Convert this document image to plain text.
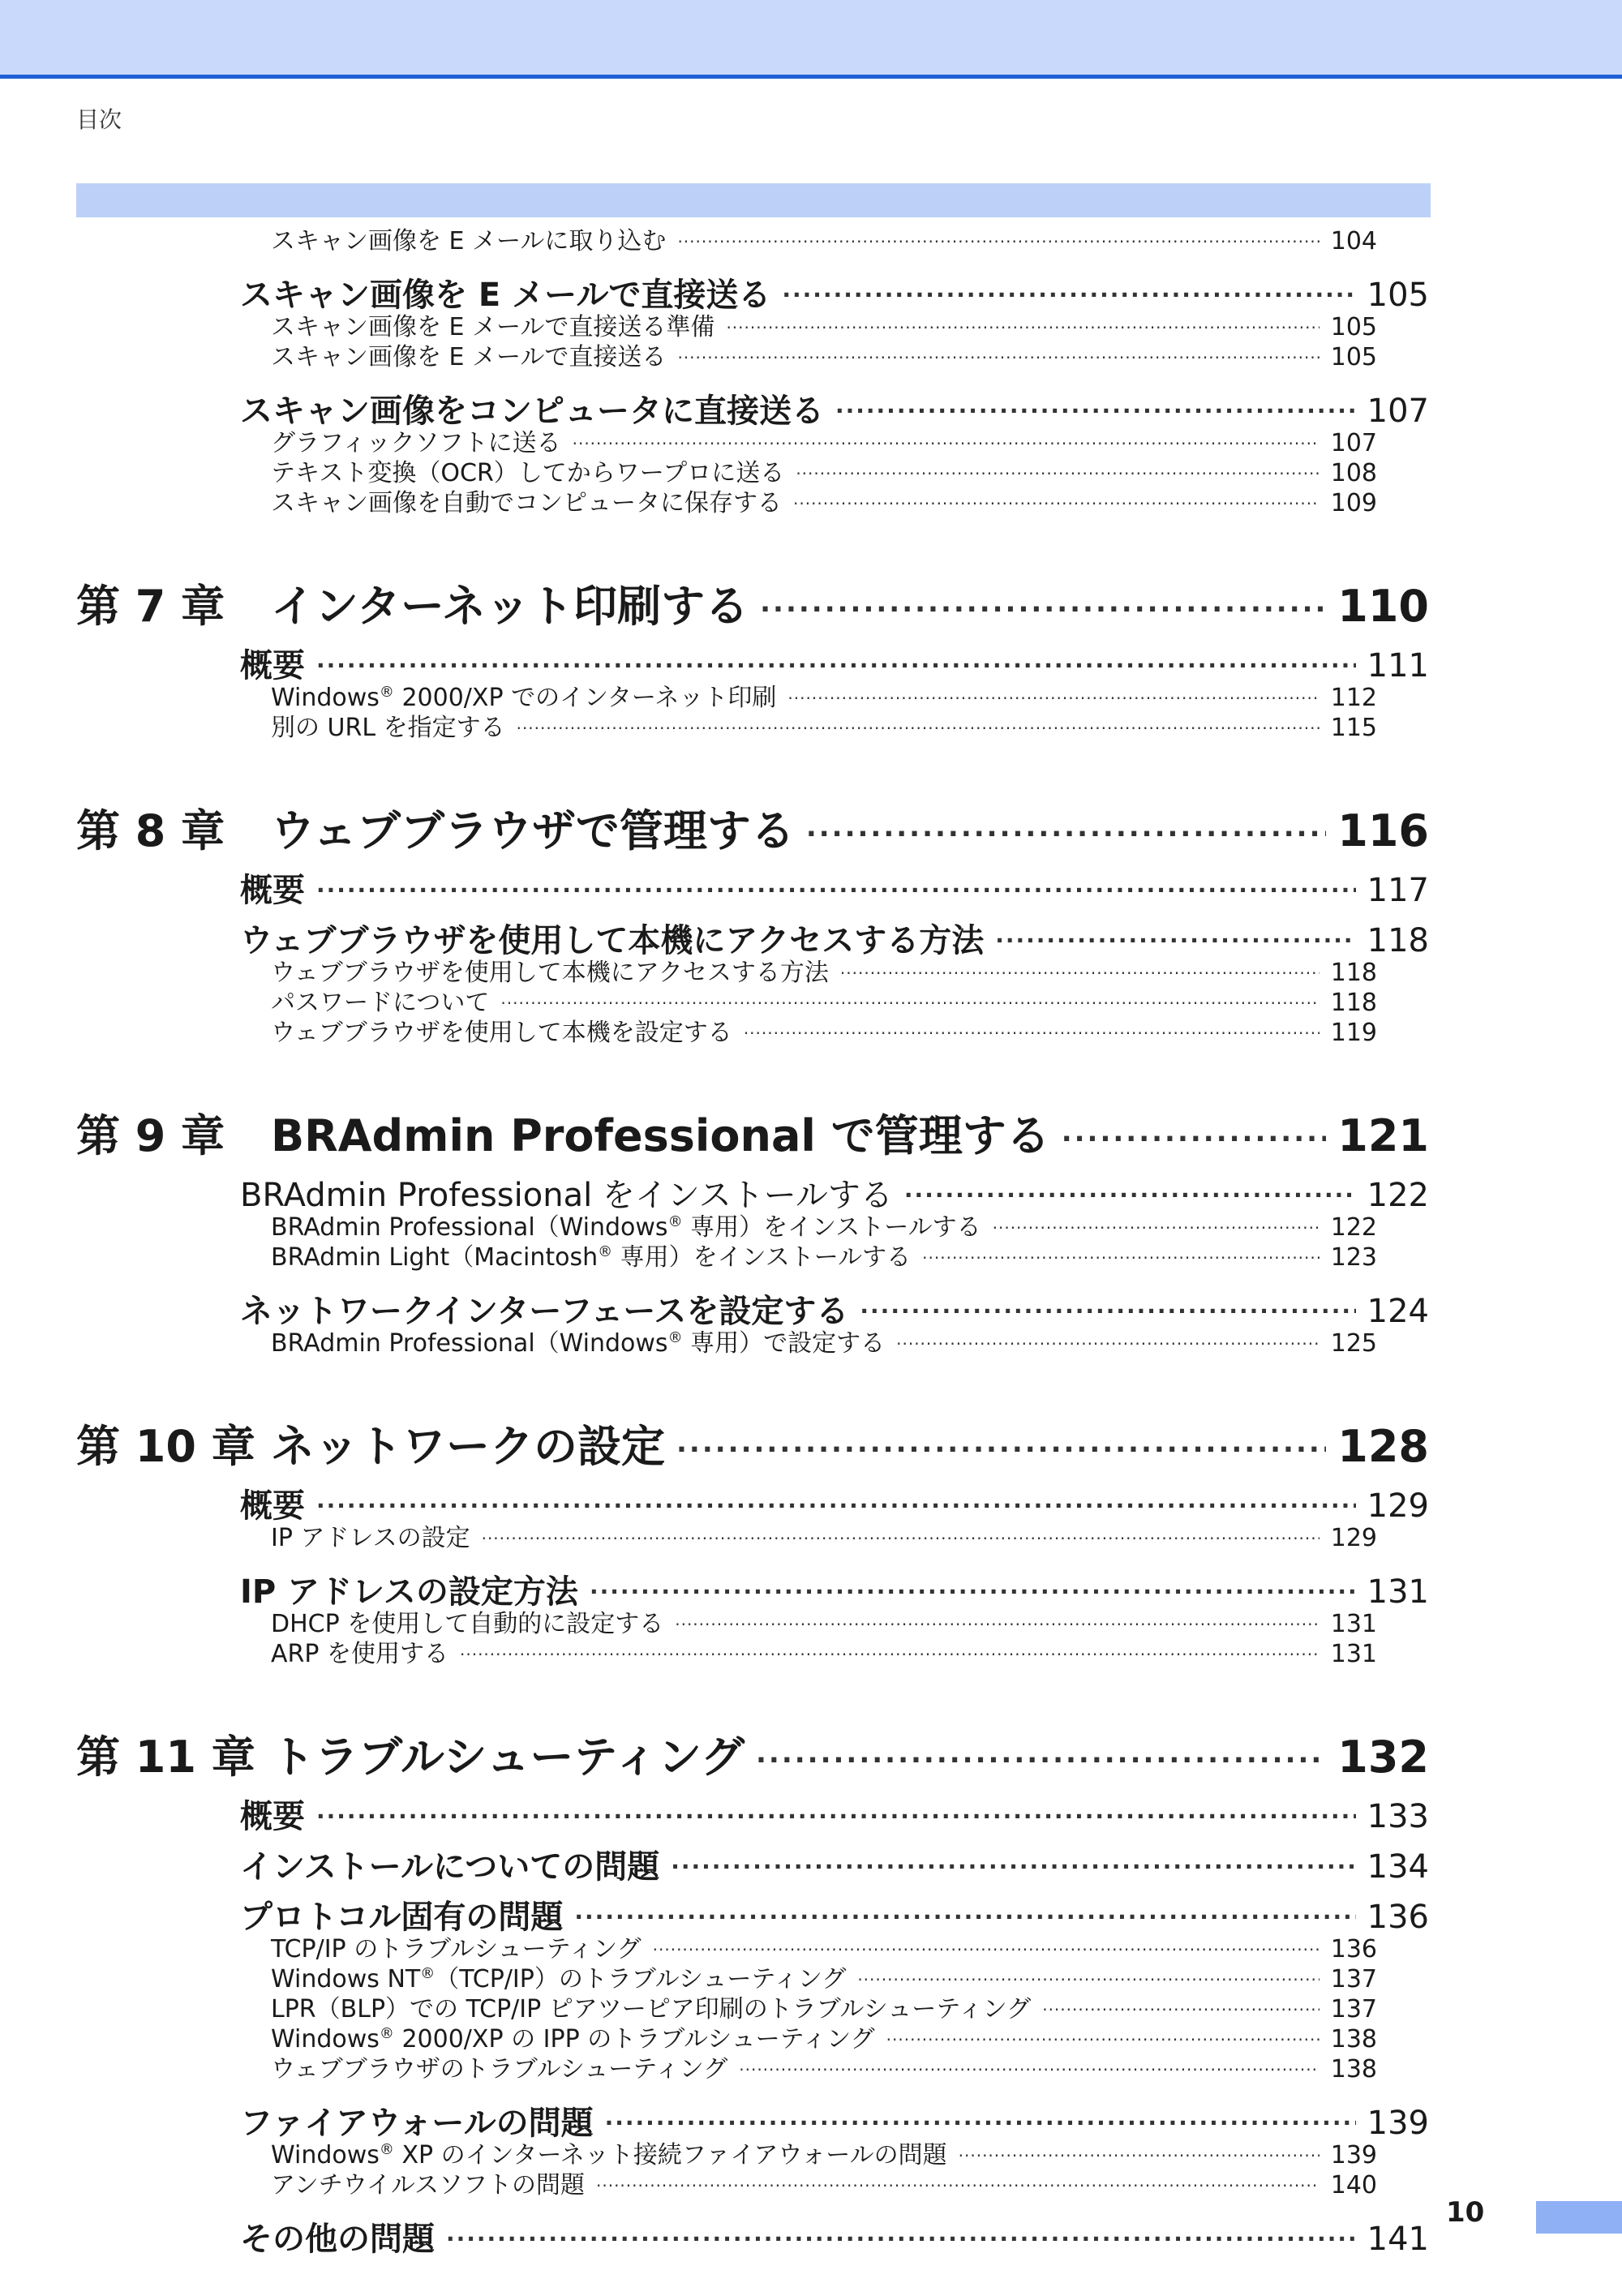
目次
スキャン画像を E メールに取り込む .....	104
スキャン画像を E メールで直接送る .....	105
スキャン画像を E メールで直接送る準備 .....	105
スキャン画像を E メールで直接送る .....	105
スキャン画像をコンピュータに直接送る .....	107
グラフィックソフトに送る .....	107
テキスト変換（OCR）してからワープロに送る .....	108
スキャン画像を自動でコンピュータに保存する .....	109
第 7 章 インターネット印刷する .....	110
概要 .....	111
Windows® 2000/XP でのインターネット印刷 .....	112
別の URL を指定する .....	115
第 8 章 ウェブブラウザで管理する .....	116
概要 .....	117
ウェブブラウザを使用して本機にアクセスする方法 .....	118
ウェブブラウザを使用して本機にアクセスする方法 .....	118
パスワードについて .....	118
ウェブブラウザを使用して本機を設定する .....	119
第 9 章 BRAdmin Professional で管理する .....	121
BRAdmin Professional をインストールする .....	122
BRAdmin Professional（Windows® 専用）をインストールする .....	122
BRAdmin Light（Macintosh® 専用）をインストールする .....	123
ネットワークインターフェースを設定する .....	124
BRAdmin Professional（Windows® 専用）で設定する .....	125
第 10 章 ネットワークの設定 .....	128
概要 .....	129
IP アドレスの設定 .....	129
IP アドレスの設定方法 .....	131
DHCP を使用して自動的に設定する .....	131
ARP を使用する .....	131
第 11 章 トラブルシューティング .....	132
概要 .....	133
インストールについての問題 .....	134
プロトコル固有の問題 .....	136
TCP/IP のトラブルシューティング .....	136
Windows NT®（TCP/IP）のトラブルシューティング .....	137
LPR（BLP）での TCP/IP ピアツーピア印刷のトラブルシューティング .....	137
Windows® 2000/XP の IPP のトラブルシューティング .....	138
ウェブブラウザのトラブルシューティング .....	138
ファイアウォールの問題 .....	139
Windows® XP のインターネット接続ファイアウォールの問題 .....	139
アンチウイルスソフトの問題 .....	140
その他の問題 .....	141
10
